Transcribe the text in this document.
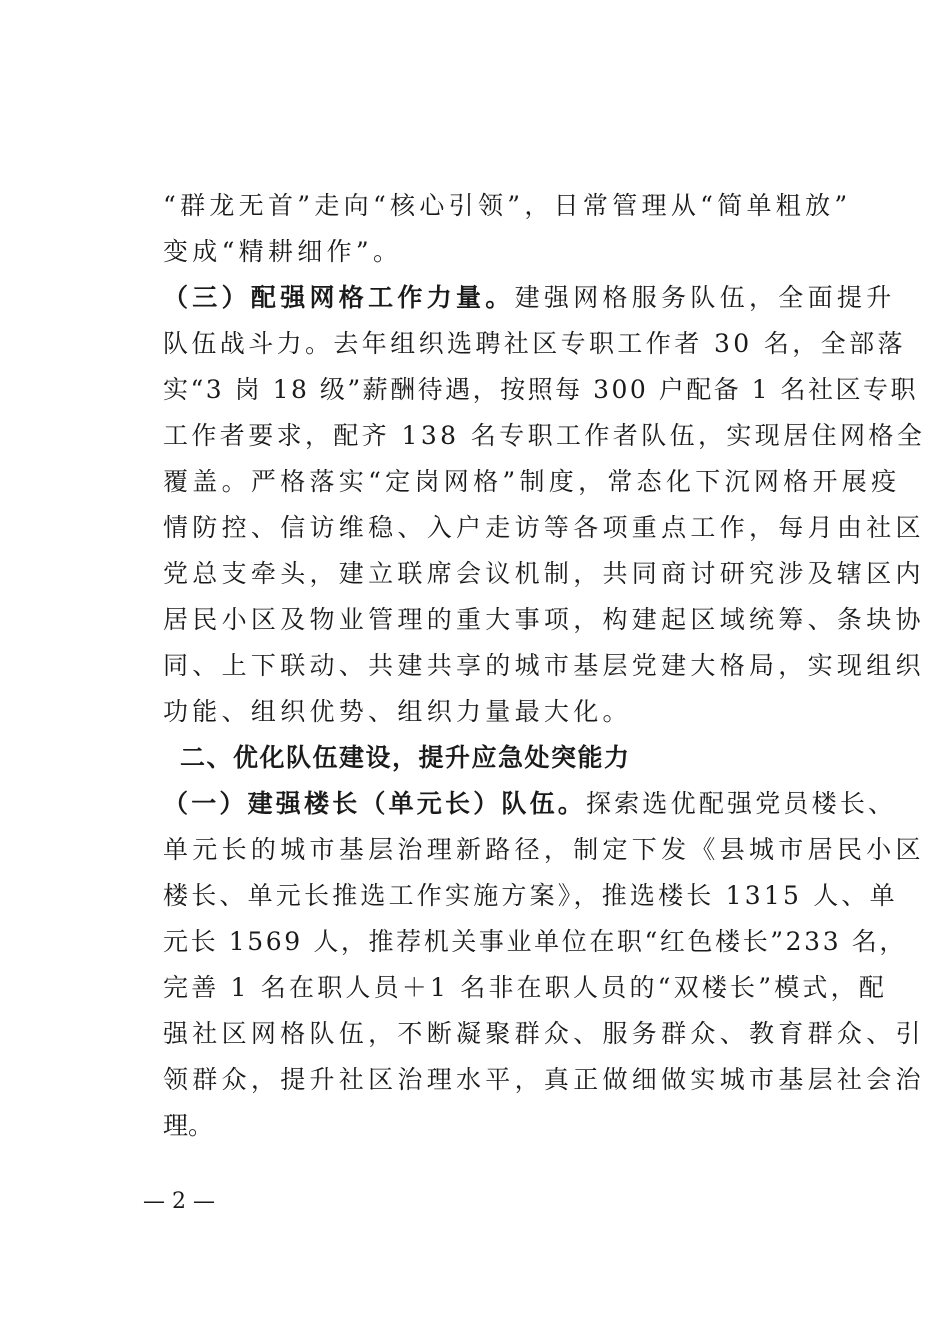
“群龙无首”走向“核心引领”，日常管理从“简单粗放”
变成“精耕细作”。
（三）配强网格工作力量。建强网格服务队伍，全面提升
队伍战斗力。去年组织选聘社区专职工作者 30 名，全部落
实“3 岗 18 级”薪酬待遇，按照每 300 户配备 1 名社区专职
工作者要求，配齐 138 名专职工作者队伍，实现居住网格全
覆盖。严格落实“定岗网格”制度，常态化下沉网格开展疫
情防控、信访维稳、入户走访等各项重点工作，每月由社区
党总支牵头，建立联席会议机制，共同商讨研究涉及辖区内
居民小区及物业管理的重大事项，构建起区域统筹、条块协
同、上下联动、共建共享的城市基层党建大格局，实现组织
功能、组织优势、组织力量最大化。
二、优化队伍建设，提升应急处突能力
（一）建强楼长（单元长）队伍。探索选优配强党员楼长、
单元长的城市基层治理新路径，制定下发《县城市居民小区
楼长、单元长推选工作实施方案》，推选楼长 1315 人、单
元长 1569 人，推荐机关事业单位在职“红色楼长”233 名，
完善 1 名在职人员＋1 名非在职人员的“双楼长”模式，配
强社区网格队伍，不断凝聚群众、服务群众、教育群众、引
领群众，提升社区治理水平，真正做细做实城市基层社会治
理。
— 2 —
